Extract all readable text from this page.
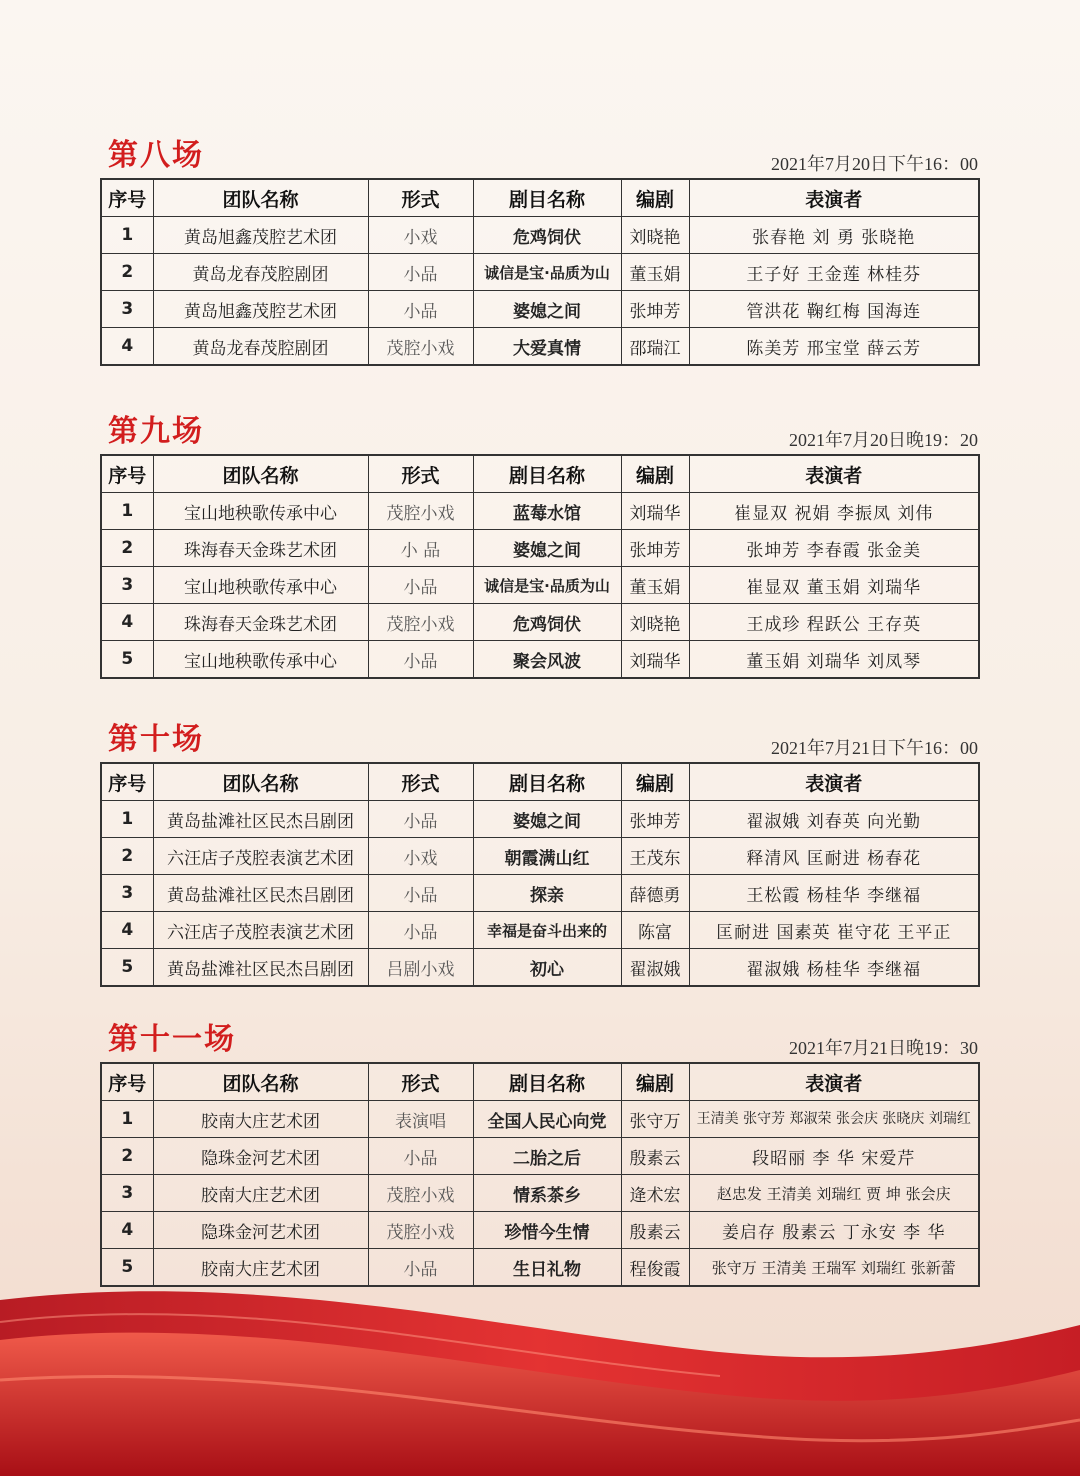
第八场	2021年7月20日下午16：00
序号	团队名称	形式	剧目名称	编剧	表演者
1	黄岛旭鑫茂腔艺术团	小戏	危鸡饲伏	刘晓艳	张春艳 刘 勇 张晓艳
2	黄岛龙春茂腔剧团	小品	诚信是宝·品质为山	董玉娟	王子好 王金莲 林桂芬
3	黄岛旭鑫茂腔艺术团	小品	婆媳之间	张坤芳	管洪花 鞠红梅 国海连
4	黄岛龙春茂腔剧团	茂腔小戏	大爱真情	邵瑞江	陈美芳 邢宝堂 薛云芳
第九场	2021年7月20日晚19：20
序号	团队名称	形式	剧目名称	编剧	表演者
1	宝山地秧歌传承中心	茂腔小戏	蓝莓水馆	刘瑞华	崔显双 祝娟 李振凤 刘伟
2	珠海春天金珠艺术团	小 品	婆媳之间	张坤芳	张坤芳 李春霞 张金美
3	宝山地秧歌传承中心	小品	诚信是宝·品质为山	董玉娟	崔显双 董玉娟 刘瑞华
4	珠海春天金珠艺术团	茂腔小戏	危鸡饲伏	刘晓艳	王成珍 程跃公 王存英
5	宝山地秧歌传承中心	小品	聚会风波	刘瑞华	董玉娟 刘瑞华 刘凤琴
第十场	2021年7月21日下午16：00
序号	团队名称	形式	剧目名称	编剧	表演者
1	黄岛盐滩社区民杰吕剧团	小品	婆媳之间	张坤芳	翟淑娥 刘春英 向光勤
2	六汪店子茂腔表演艺术团	小戏	朝霞满山红	王茂东	释清风 匡耐进 杨春花
3	黄岛盐滩社区民杰吕剧团	小品	探亲	薛德勇	王松霞 杨桂华 李继福
4	六汪店子茂腔表演艺术团	小品	幸福是奋斗出来的	陈富	匡耐进 国素英 崔守花 王平正
5	黄岛盐滩社区民杰吕剧团	吕剧小戏	初心	翟淑娥	翟淑娥 杨桂华 李继福
第十一场	2021年7月21日晚19：30
序号	团队名称	形式	剧目名称	编剧	表演者
1	胶南大庄艺术团	表演唱	全国人民心向党	张守万	王清美 张守芳 郑淑荣 张会庆 张晓庆 刘瑞红
2	隐珠金河艺术团	小品	二胎之后	殷素云	段昭丽 李 华 宋爱芹
3	胶南大庄艺术团	茂腔小戏	情系茶乡	逄术宏	赵忠发 王清美 刘瑞红 贾 坤 张会庆
4	隐珠金河艺术团	茂腔小戏	珍惜今生情	殷素云	姜启存 殷素云 丁永安 李 华
5	胶南大庄艺术团	小品	生日礼物	程俊霞	张守万 王清美 王瑞军 刘瑞红 张新蕾
